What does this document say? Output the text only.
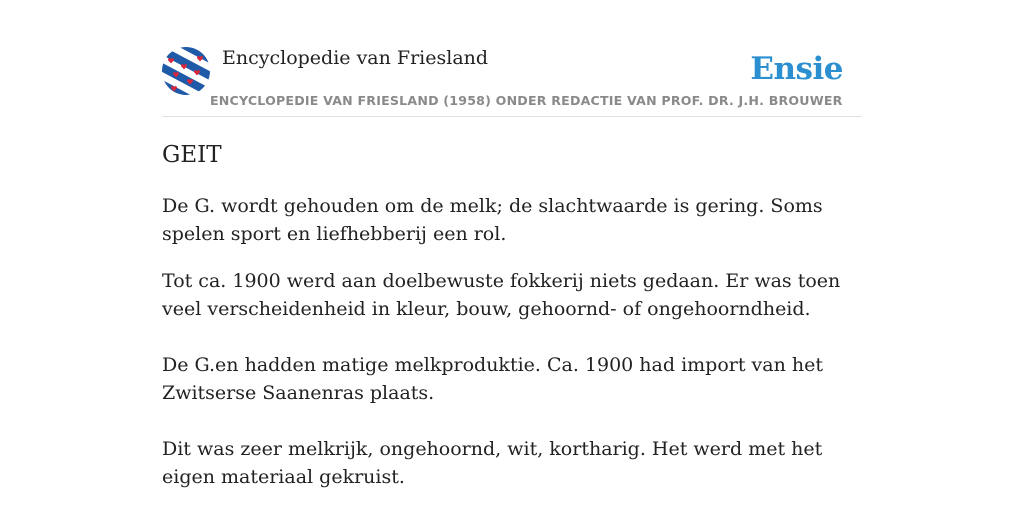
Encyclopedie van Friesland
ENCYCLOPEDIE VAN FRIESLAND (1958) ONDER REDACTIE VAN PROF. DR. J.H. BROUWER
Ensie
GEIT

De G. wordt gehouden om de melk; de slachtwaarde is gering. Soms spelen sport en liefhebberij een rol.

Tot ca. 1900 werd aan doelbewuste fokkerij niets gedaan. Er was toen veel verscheidenheid in kleur, bouw, gehoornd- of ongehoorndheid.

De G.en hadden matige melkproduktie. Ca. 1900 had import van het Zwitserse Saanenras plaats.

Dit was zeer melkrijk, ongehoornd, wit, kortharig. Het werd met het eigen materiaal gekruist.
